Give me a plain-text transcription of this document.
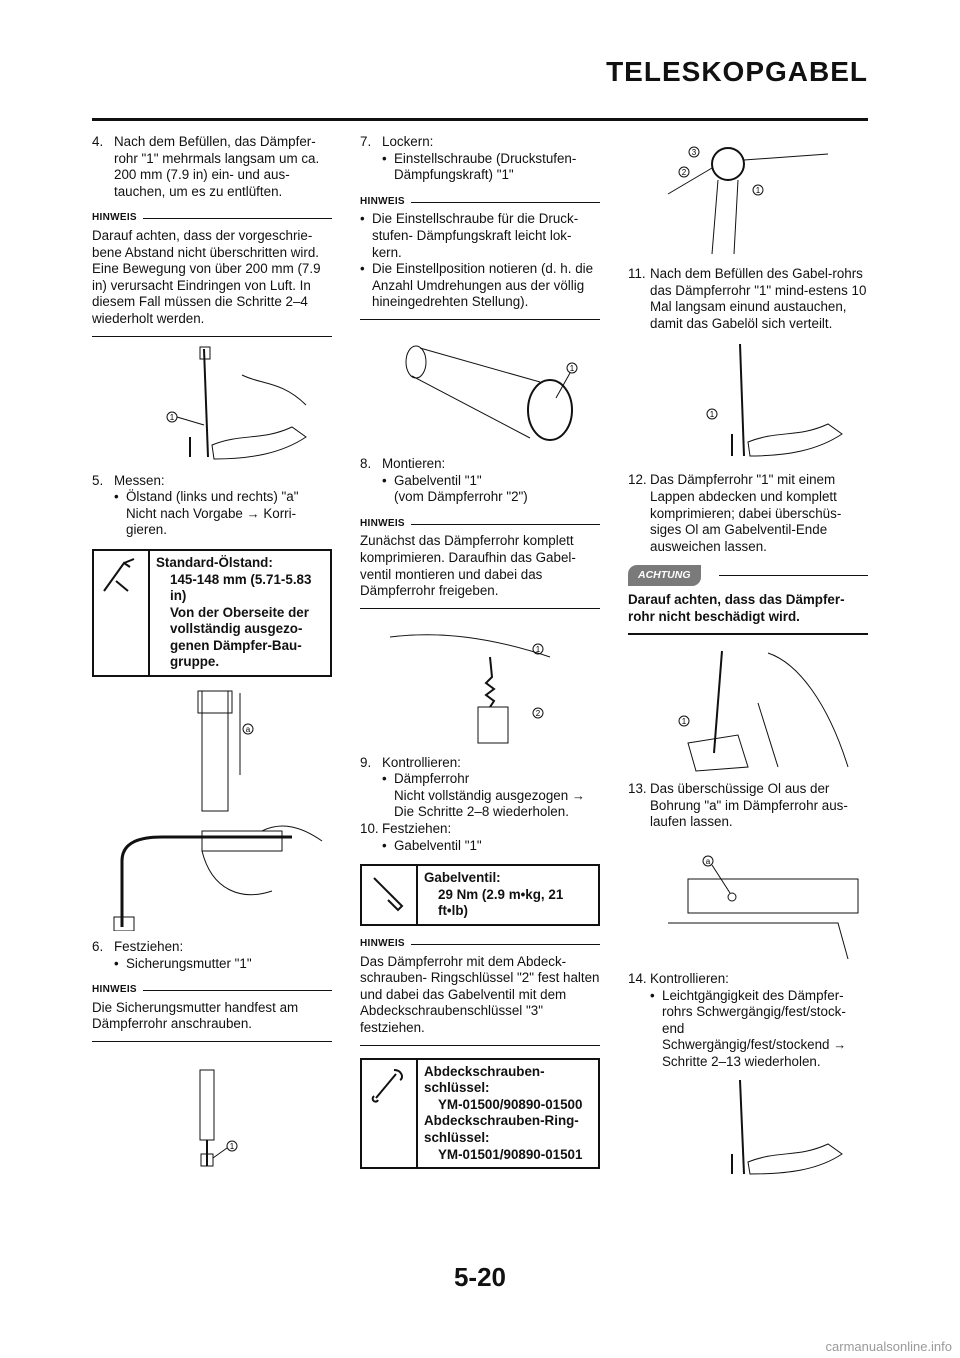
TELESKOPGABEL
4. Nach dem Befüllen, das Dämpfer-rohr "1" mehrmals langsam um ca. 200 mm (7.9 in) ein- und aus-tauchen, um es zu entlüften.
HINWEIS
Darauf achten, dass der vorgeschrie-bene Abstand nicht überschritten wird. Eine Bewegung von über 200 mm (7.9 in) verursacht Eindringen von Luft. In diesem Fall müssen die Schritte 2–4 wiederholt werden.
1
5. Messen:
• Ölstand (links und rechts) "a"
Nicht nach Vorgabe → Korri-gieren.
Standard-Ölstand:
145-148 mm (5.71-5.83 in)
Von der Oberseite der vollständig ausgezo-genen Dämpfer-Bau-gruppe.
a
6. Festziehen:
• Sicherungsmutter "1"
HINWEIS
Die Sicherungsmutter handfest am Dämpferrohr anschrauben.
1
7. Lockern:
• Einstellschraube (Druckstufen-Dämpfungskraft) "1"
HINWEIS
• Die Einstellschraube für die Druck-stufen- Dämpfungskraft leicht lok-kern.
• Die Einstellposition notieren (d. h. die Anzahl Umdrehungen aus der völlig hineingedrehten Stellung).
1
8. Montieren:
• Gabelventil "1"
(vom Dämpferrohr "2")
HINWEIS
Zunächst das Dämpferrohr komplett komprimieren. Daraufhin das Gabel-ventil montieren und dabei das Dämpferrohr freigeben.
1
2
9. Kontrollieren:
• Dämpferrohr
Nicht vollständig ausgezogen →
Die Schritte 2–8 wiederholen.
10. Festziehen:
• Gabelventil "1"
Gabelventil:
29 Nm (2.9 m•kg, 21 ft•lb)
HINWEIS
Das Dämpferrohr mit dem Abdeck-schrauben- Ringschlüssel "2" fest halten und dabei das Gabelventil mit dem Abdeckschraubenschlüssel "3" festziehen.
Abdeckschrauben-schlüssel:
YM-01500/90890-01500
Abdeckschrauben-Ring-schlüssel:
YM-01501/90890-01501
3
2
1
11. Nach dem Befüllen des Gabel-rohrs das Dämpferrohr "1" mind-estens 10 Mal langsam einund austauchen, damit das Gabelöl sich verteilt.
1
12. Das Dämpferrohr "1" mit einem Lappen abdecken und komplett komprimieren; dabei überschüs-siges Ol am Gabelventil-Ende ausweichen lassen.
ACHTUNG
Darauf achten, dass das Dämpfer-rohr nicht beschädigt wird.
1
13. Das überschüssige Ol aus der Bohrung "a" im Dämpferrohr aus-laufen lassen.
a
14. Kontrollieren:
• Leichtgängigkeit des Dämpfer-rohrs Schwergängig/fest/stock-end
Schwergängig/fest/stockend →
Schritte 2–13 wiederholen.
5-20
carmanualsonline.info
